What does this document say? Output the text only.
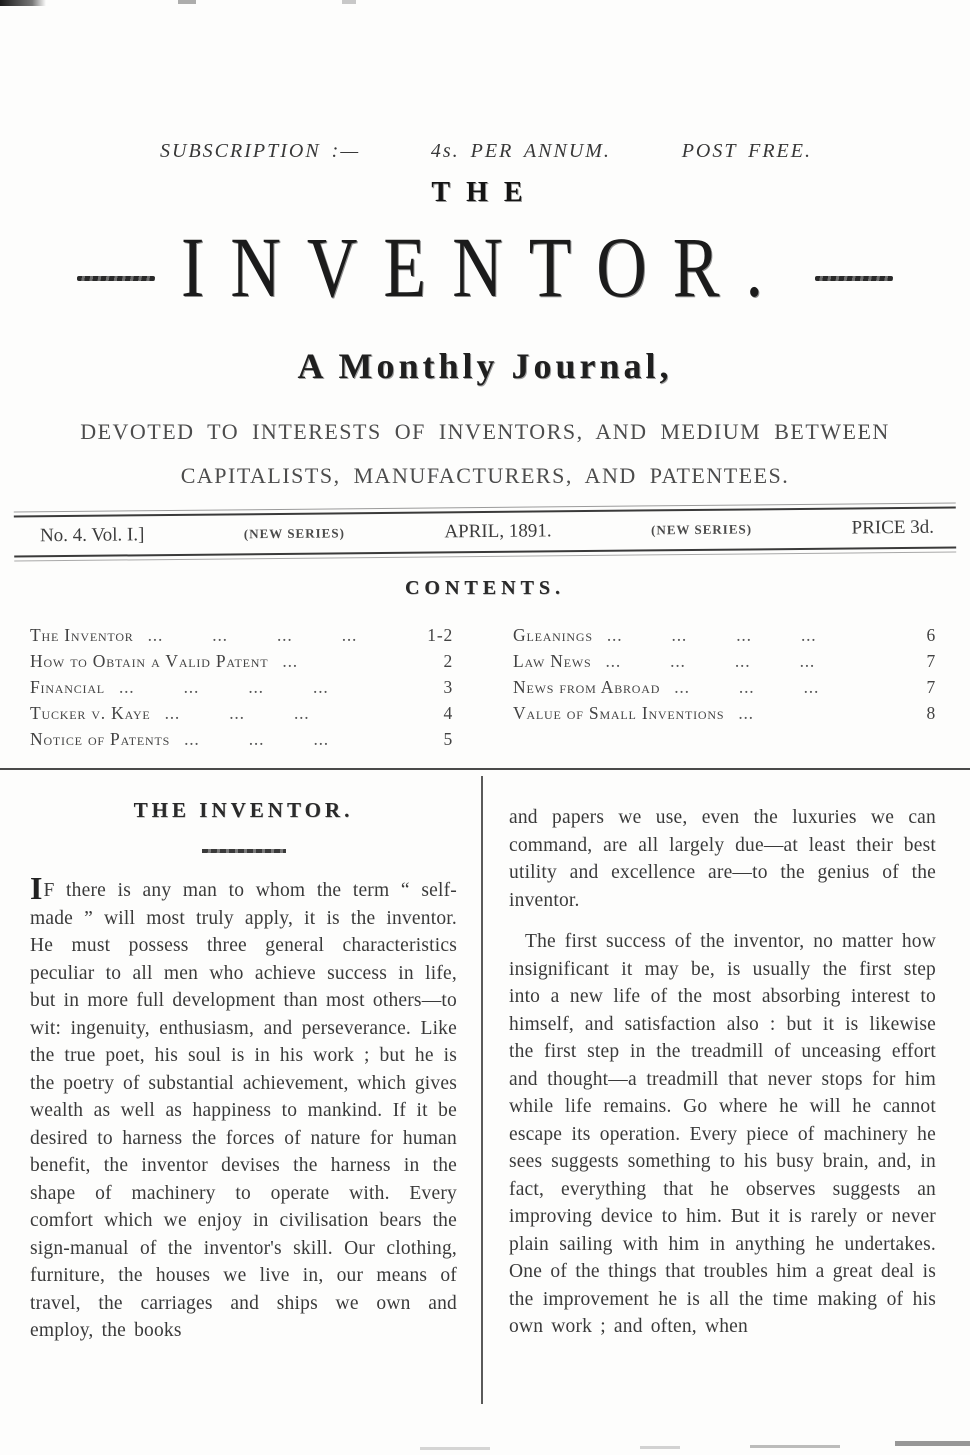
SUBSCRIPTION :—	4s. PER ANNUM.	POST FREE.
THE
INVENTOR.
A Monthly Journal,
DEVOTED TO INTERESTS OF INVENTORS, AND MEDIUM BETWEEN
CAPITALISTS, MANUFACTURERS, AND PATENTEES.
No. 4. Vol. I.]	(NEW SERIES)	APRIL, 1891.	(NEW SERIES)	PRICE 3d.
CONTENTS.
The Inventor ... ... ... ...	1-2
How to Obtain a Valid Patent ...	2
Financial ... ... ... ...	3
Tucker v. Kaye ... ... ...	4
Notice of Patents ... ... ...	5
Gleanings ... ... ... ...	6
Law News ... ... ... ...	7
News from Abroad ... ... ...	7
Value of Small Inventions ...	8
THE INVENTOR.

IF there is any man to whom the term “ self-made ” will most truly apply, it is the inventor. He must possess three general characteristics peculiar to all men who achieve success in life, but in more full development than most others—to wit: ingenuity, enthusiasm, and perseverance. Like the true poet, his soul is in his work ; but he is the poetry of substantial achievement, which gives wealth as well as happiness to mankind. If it be desired to harness the forces of nature for human benefit, the inventor devises the harness in the shape of machinery to operate with. Every comfort which we enjoy in civilisation bears the sign-manual of the inventor's skill. Our clothing, furniture, the houses we live in, our means of travel, the carriages and ships we own and employ, the books

and papers we use, even the luxuries we can command, are all largely due—at least their best utility and excellence are—to the genius of the inventor.

The first success of the inventor, no matter how insignificant it may be, is usually the first step into a new life of the most absorbing interest to himself, and satisfaction also : but it is likewise the first step in the treadmill of unceasing effort and thought—a treadmill that never stops for him while life remains. Go where he will he cannot escape its operation. Every piece of machinery he sees suggests something to his busy brain, and, in fact, everything that he observes suggests an improving device to him. But it is rarely or never plain sailing with him in anything he undertakes. One of the things that troubles him a great deal is the improvement he is all the time making of his own work ; and often, when
